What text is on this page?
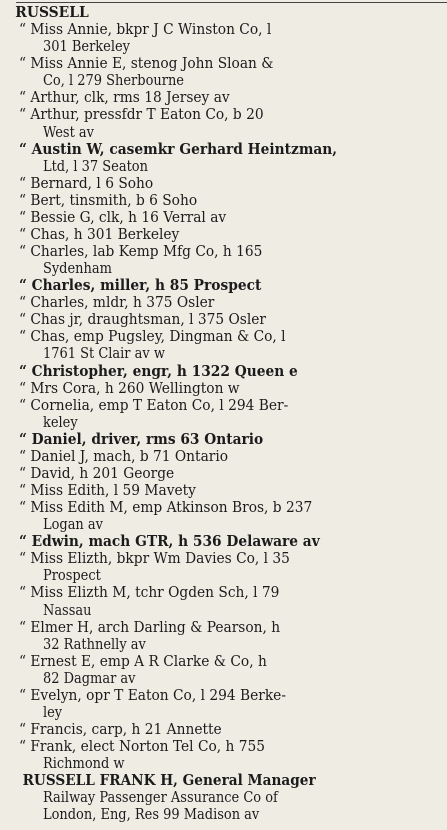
RUSSELL
“ Miss Annie, bkpr J C Winston Co, l
301 Berkeley
“ Miss Annie E, stenog John Sloan &
Co, l 279 Sherbourne
“ Arthur, clk, rms 18 Jersey av
“ Arthur, pressfdr T Eaton Co, b 20
West av
“ Austin W, casemkr Gerhard Heintzman,
Ltd, l 37 Seaton
“ Bernard, l 6 Soho
“ Bert, tinsmith, b 6 Soho
“ Bessie G, clk, h 16 Verral av
“ Chas, h 301 Berkeley
“ Charles, lab Kemp Mfg Co, h 165
Sydenham
“ Charles, miller, h 85 Prospect
“ Charles, mldr, h 375 Osler
“ Chas jr, draughtsman, l 375 Osler
“ Chas, emp Pugsley, Dingman & Co, l
1761 St Clair av w
“ Christopher, engr, h 1322 Queen e
“ Mrs Cora, h 260 Wellington w
“ Cornelia, emp T Eaton Co, l 294 Ber-
keley
“ Daniel, driver, rms 63 Ontario
“ Daniel J, mach, b 71 Ontario
“ David, h 201 George
“ Miss Edith, l 59 Mavety
“ Miss Edith M, emp Atkinson Bros, b 237
Logan av
“ Edwin, mach GTR, h 536 Delaware av
“ Miss Elizth, bkpr Wm Davies Co, l 35
Prospect
“ Miss Elizth M, tchr Ogden Sch, l 79
Nassau
“ Elmer H, arch Darling & Pearson, h
32 Rathnelly av
“ Ernest E, emp A R Clarke & Co, h
82 Dagmar av
“ Evelyn, opr T Eaton Co, l 294 Berke-
ley
“ Francis, carp, h 21 Annette
“ Frank, elect Norton Tel Co, h 755
Richmond w
RUSSELL FRANK H, General Manager
Railway Passenger Assurance Co of
London, Eng, Res 99 Madison av
